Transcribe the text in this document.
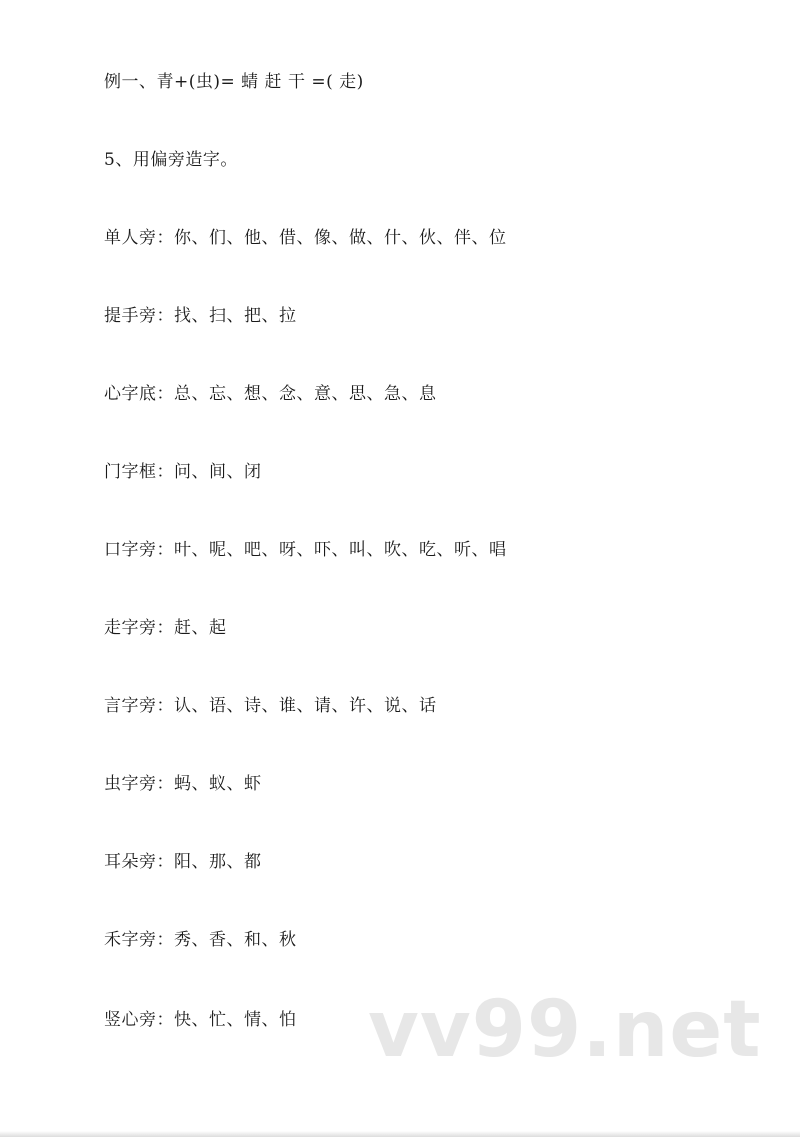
例一、青+(虫)= 蜻 赶 干 =( 走)
5、用偏旁造字。
单人旁：你、们、他、借、像、做、什、伙、伴、位
提手旁：找、扫、把、拉
心字底：总、忘、想、念、意、思、急、息
门字框：问、间、闭
口字旁：叶、呢、吧、呀、吓、叫、吹、吃、听、唱
走字旁：赶、起
言字旁：认、语、诗、谁、请、许、说、话
虫字旁：蚂、蚁、虾
耳朵旁：阳、那、都
禾字旁：秀、香、和、秋
竖心旁：快、忙、情、怕 vv99.net
